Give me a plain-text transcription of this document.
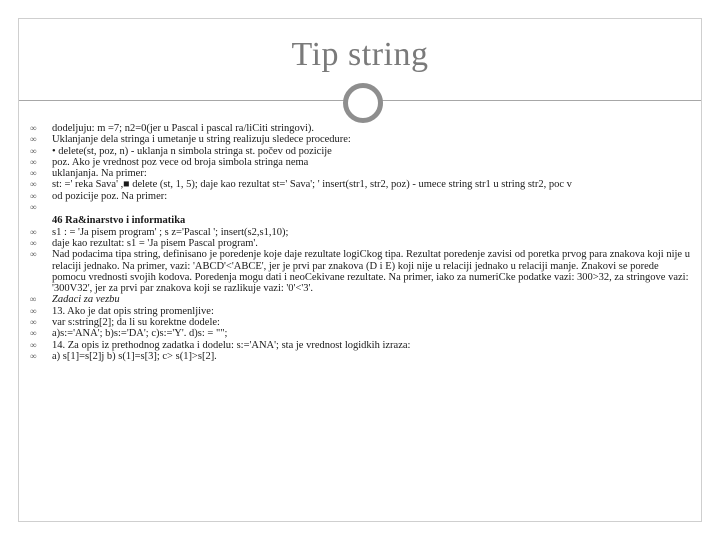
Tip string
∞ dodeljuju: m =7; n2=0(jer u Pascal i pascal ra/liCiti stringovi).
∞ Uklanjanje dela stringa i umetanje u string realizuju sledece procedure:
∞ • delete(st, poz, n) - uklanja n simbola stringa st. počev od pozicije
∞ poz. Ako je vrednost poz vece od broja simbola stringa nema
∞ uklanjanja. Na primer:
∞ st: =' reka Sava' ,■ delete (st, 1, 5); daje kao rezultat st=' Sava'; ' insert(str1, str2, poz) - umece string str1 u string str2, poc v
∞ od pozicije poz. Na primer:
∞

46 Ra&inarstvo i informatika
∞ s1 : = 'Ja pisem program' ; s z='Pascal '; insert(s2,s1,10);
∞ daje kao rezultat: s1 = 'Ja pisem Pascal program'.
∞ Nad podacima tipa string, definisano je poredenje koje daje rezultate logiCkog tipa. Rezultat poredenje zavisi od poretka prvog para znakova koji nije u relaciji jednako. Na primer, vazi: 'ABCD'<'ABCE', jer je prvi par znakova (D i E) koji nije u relaciji jednako u relaciji manje. Znakovi se porede pomocu vrednosti svojih kodova. Poredenja mogu dati i neoCekivane rezultate. Na primer, iako za numeriCke podatke vazi: 300>32, za stringove vazi: '300V32', jer za prvi par znakova koji se razlikuje vazi: '0'<'3'.
∞ Zadaci za vezbu
∞ 13. Ako je dat opis string promenljive:
∞ var s:string[2]; da li su korektne dodele:
∞ a)s:='ANA'; b)s:='DA'; c)s:='Y'. d)s: = "";
∞ 14. Za opis iz prethodnog zadatka i dodelu: s:='ANA'; sta je vrednost logidkih izraza:
∞ a) s[1]=s[2]j b) s(1]=s[3]; c> s(1]>s[2].
